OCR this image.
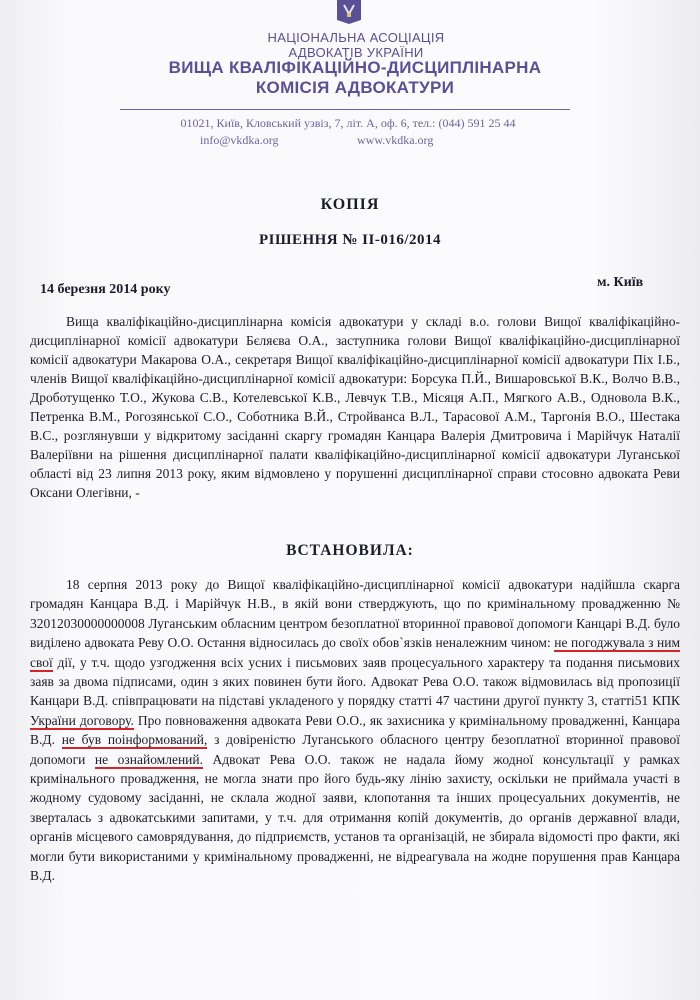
НАЦІОНАЛЬНА АСОЦІАЦІЯ
АДВОКАТІВ УКРАЇНИ
ВИЩА КВАЛІФІКАЦІЙНО-ДИСЦИПЛІНАРНА
КОМІСІЯ АДВОКАТУРИ
01021, Київ, Кловський узвіз, 7, літ. А, оф. 6, тел.: (044) 591 25 44
info@vkdka.org	www.vkdka.org
КОПІЯ
РІШЕННЯ № ІІ-016/2014
14 березня 2014 року	м. Київ

Вища кваліфікаційно-дисциплінарна комісія адвокатури у складі в.о. голови Вищої кваліфікаційно-дисциплінарної комісії адвокатури Бєляєва О.А., заступника голови Вищої кваліфікаційно-дисциплінарної комісії адвокатури Макарова О.А., секретаря Вищої кваліфікаційно-дисциплінарної комісії адвокатури Піх І.Б., членів Вищої кваліфікаційно-дисциплінарної комісії адвокатури: Борсука П.Й., Вишаровської В.К., Волчо В.В., Дроботущенко Т.О., Жукова С.В., Котелевської К.В., Левчук Т.В., Місяця А.П., Мягкого А.В., Одновола В.К., Петренка В.М., Рогозянської С.О., Соботника В.Й., Стройванса В.Л., Тарасової А.М., Таргонія В.О., Шестака В.С., розглянувши у відкритому засіданні скаргу громадян Канцара Валерія Дмитровича і Марійчук Наталії Валеріївни на рішення дисциплінарної палати кваліфікаційно-дисциплінарної комісії адвокатури Луганської області від 23 липня 2013 року, яким відмовлено у порушенні дисциплінарної справи стосовно адвоката Реви Оксани Олегівни, -

ВСТАНОВИЛА:

18 серпня 2013 року до Вищої кваліфікаційно-дисциплінарної комісії адвокатури надійшла скарга громадян Канцара В.Д. і Марійчук Н.В., в якій вони стверджують, що по кримінальному провадженню № 32012030000000008 Луганським обласним центром безоплатної вторинної правової допомоги Канцарі В.Д. було виділено адвоката Реву О.О. Остання відносилась до своїх обов`язків неналежним чином: не погоджувала з ним свої дії, у т.ч. щодо узгодження всіх усних і письмових заяв процесуального характеру та подання письмових заяв за двома підписами, один з яких повинен бути його. Адвокат Рева О.О. також відмовилась від пропозиції Канцари В.Д. співпрацювати на підставі укладеного у порядку статті 47 частини другої пункту 3, статті51 КПК України договору. Про повноваження адвоката Реви О.О., як захисника у кримінальному провадженні, Канцара В.Д. не був поінформований, з довіреністю Луганського обласного центру безоплатної вторинної правової допомоги не ознайомлений. Адвокат Рева О.О. також не надала йому жодної консультації у рамках кримінального провадження, не могла знати про його будь-яку лінію захисту, оскільки не приймала участі в жодному судовому засіданні, не склала жодної заяви, клопотання та інших процесуальних документів, не зверталась з адвокатськими запитами, у т.ч. для отримання копій документів, до органів державної влади, органів місцевого самоврядування, до підприємств, установ та організацій, не збирала відомості про факти, які могли бути використаними у кримінальному провадженні, не відреагувала на жодне порушення прав Канцара В.Д.
